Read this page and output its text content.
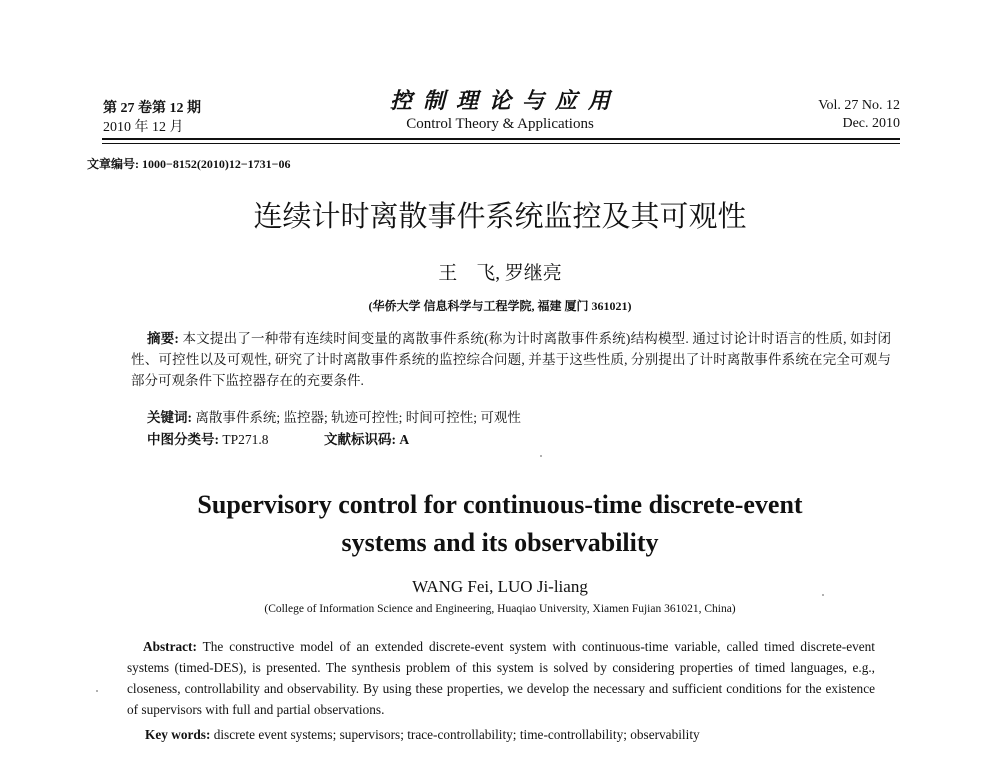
第 27 卷第 12 期
2010 年 12 月
控制理论与应用
Control Theory & Applications
Vol. 27 No. 12
Dec. 2010
文章编号: 1000−8152(2010)12−1731−06
连续计时离散事件系统监控及其可观性
王　飞, 罗继亮
(华侨大学 信息科学与工程学院, 福建 厦门 361021)
摘要: 本文提出了一种带有连续时间变量的离散事件系统(称为计时离散事件系统)结构模型. 通过讨论计时语言的性质, 如封闭性、可控性以及可观性, 研究了计时离散事件系统的监控综合问题, 并基于这些性质, 分别提出了计时离散事件系统在完全可观与部分可观条件下监控器存在的充要条件.
关键词: 离散事件系统; 监控器; 轨迹可控性; 时间可控性; 可观性
中图分类号: TP271.8	文献标识码: A
Supervisory control for continuous-time discrete-event
systems and its observability
WANG Fei, LUO Ji-liang
(College of Information Science and Engineering, Huaqiao University, Xiamen Fujian 361021, China)
Abstract: The constructive model of an extended discrete-event system with continuous-time variable, called timed discrete-event systems (timed-DES), is presented. The synthesis problem of this system is solved by considering properties of timed languages, e.g., closeness, controllability and observability. By using these properties, we develop the necessary and sufficient conditions for the existence of supervisors with full and partial observations.
Key words: discrete event systems; supervisors; trace-controllability; time-controllability; observability
